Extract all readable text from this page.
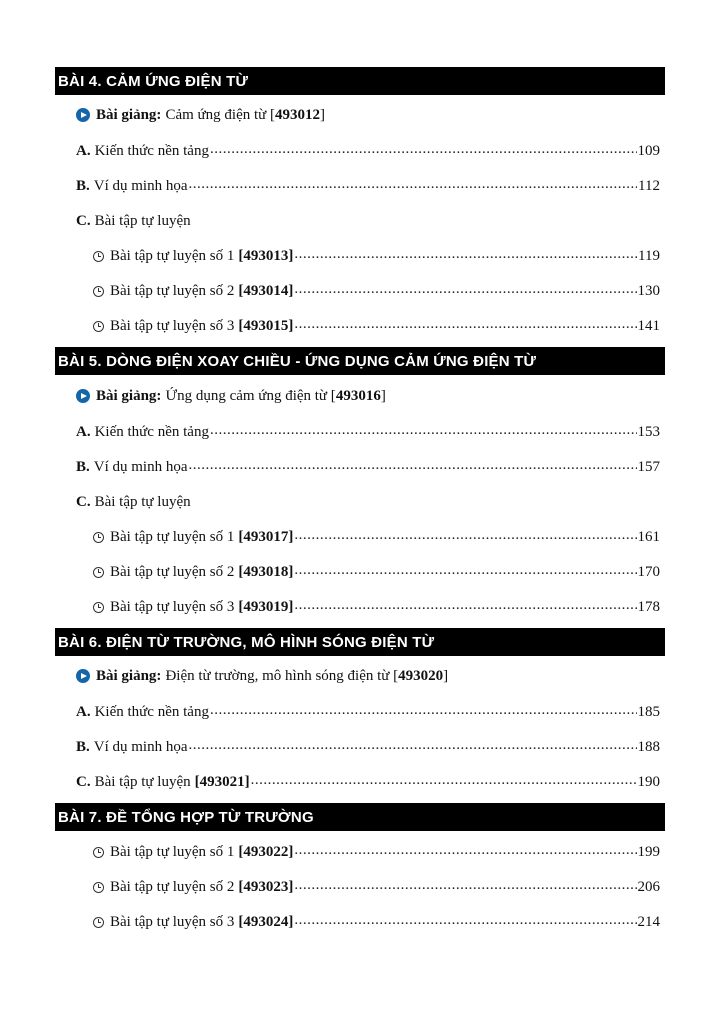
BÀI 4. CẢM ỨNG ĐIỆN TỪ
Bài giảng: Cảm ứng điện từ [ 493012 ]
A. Kiến thức nền tảng .....	109
B. Ví dụ minh họa .....	112
C. Bài tập tự luyện
Bài tập tự luyện số 1 [493013] .....	119
Bài tập tự luyện số 2 [493014] .....	130
Bài tập tự luyện số 3 [493015] .....	141
BÀI 5. DÒNG ĐIỆN XOAY CHIỀU - ỨNG DỤNG CẢM ỨNG ĐIỆN TỪ
Bài giảng: Ứng dụng cảm ứng điện từ [ 493016 ]
A. Kiến thức nền tảng .....	153
B. Ví dụ minh họa .....	157
C. Bài tập tự luyện
Bài tập tự luyện số 1 [493017] .....	161
Bài tập tự luyện số 2 [493018] .....	170
Bài tập tự luyện số 3 [493019] .....	178
BÀI 6. ĐIỆN TỪ TRƯỜNG, MÔ HÌNH SÓNG ĐIỆN TỪ
Bài giảng: Điện từ trường, mô hình sóng điện từ [ 493020 ]
A. Kiến thức nền tảng .....	185
B. Ví dụ minh họa .....	188
C. Bài tập tự luyện [493021] .....	190
BÀI 7. ĐỀ TỔNG HỢP TỪ TRƯỜNG
Bài tập tự luyện số 1 [493022] .....	199
Bài tập tự luyện số 2 [493023] .....	206
Bài tập tự luyện số 3 [493024] .....	214
